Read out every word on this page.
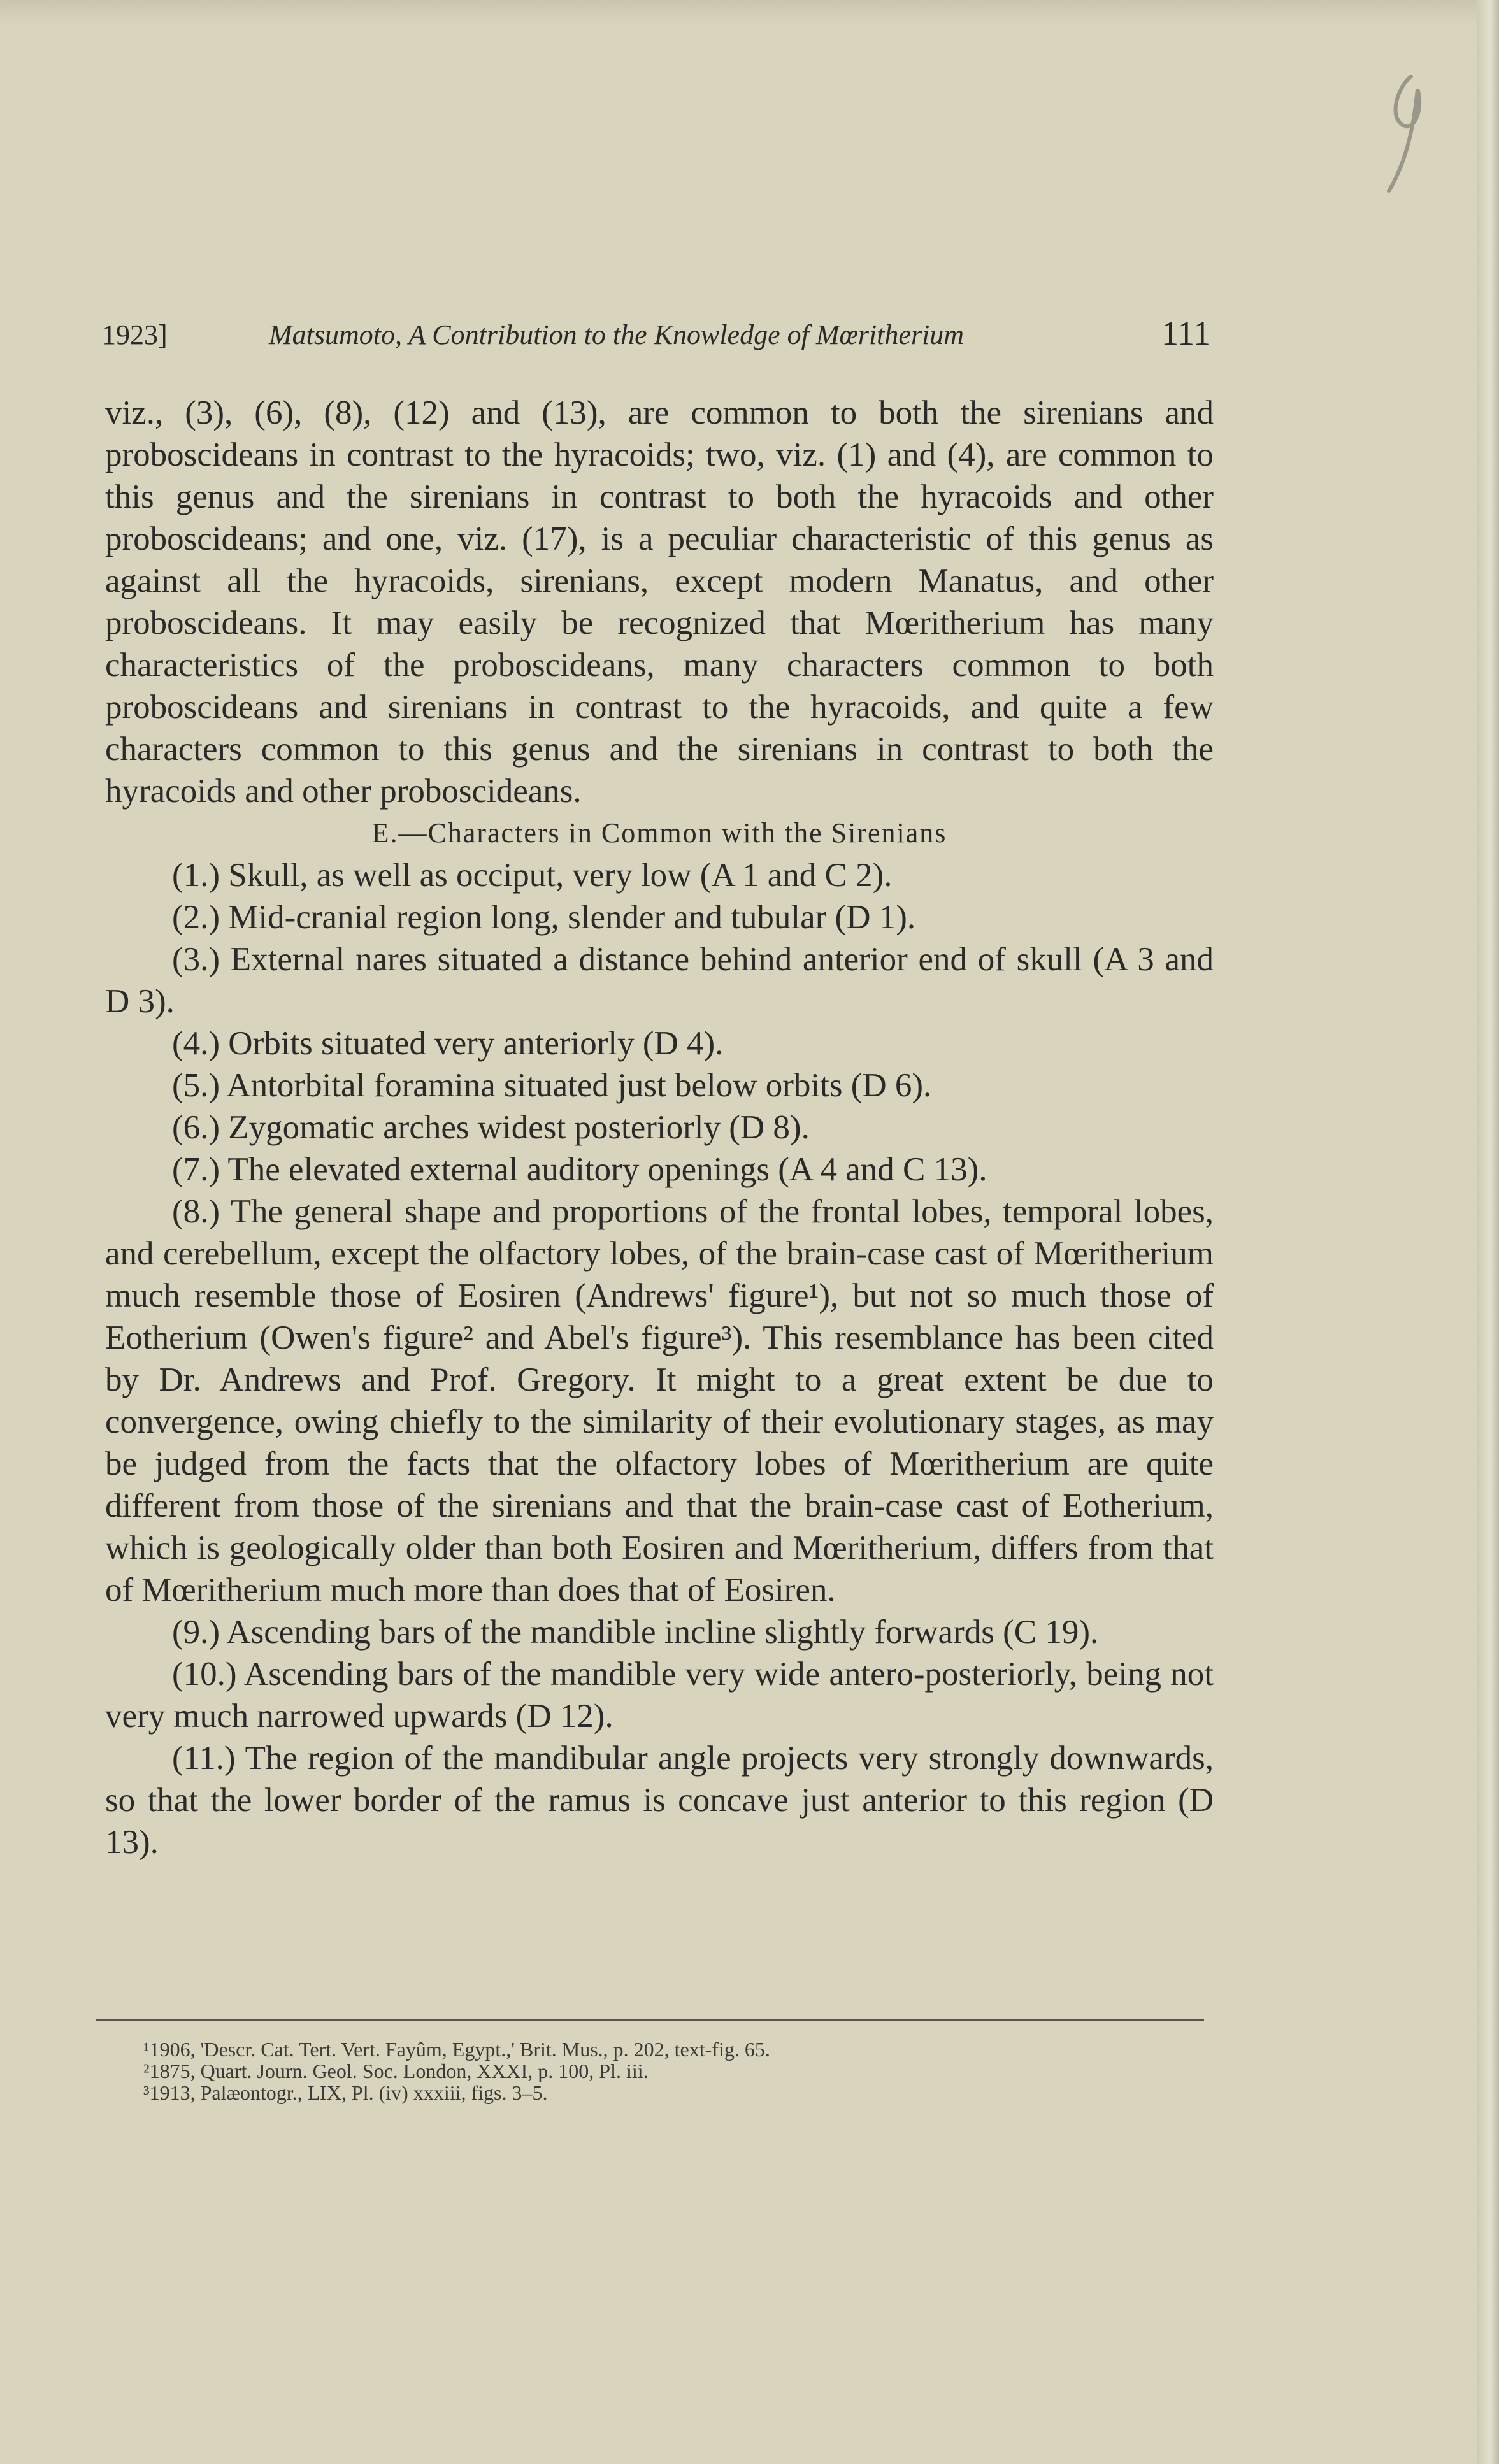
1923]	Matsumoto, A Contribution to the Knowledge of Mœritherium	111

viz., (3), (6), (8), (12) and (13), are common to both the sirenians and proboscideans in contrast to the hyracoids; two, viz. (1) and (4), are common to this genus and the sirenians in contrast to both the hyracoids and other proboscideans; and one, viz. (17), is a peculiar characteristic of this genus as against all the hyracoids, sirenians, except modern Manatus, and other proboscideans. It may easily be recognized that Mœritherium has many characteristics of the proboscideans, many characters common to both proboscideans and sirenians in contrast to the hyracoids, and quite a few characters common to this genus and the sirenians in contrast to both the hyracoids and other proboscideans.

E.—Characters in Common with the Sirenians

(1.) Skull, as well as occiput, very low (A 1 and C 2).

(2.) Mid-cranial region long, slender and tubular (D 1).

(3.) External nares situated a distance behind anterior end of skull (A 3 and D 3).

(4.) Orbits situated very anteriorly (D 4).

(5.) Antorbital foramina situated just below orbits (D 6).

(6.) Zygomatic arches widest posteriorly (D 8).

(7.) The elevated external auditory openings (A 4 and C 13).

(8.) The general shape and proportions of the frontal lobes, temporal lobes, and cerebellum, except the olfactory lobes, of the brain-case cast of Mœritherium much resemble those of Eosiren (Andrews' figure¹), but not so much those of Eotherium (Owen's figure² and Abel's figure³). This resemblance has been cited by Dr. Andrews and Prof. Gregory. It might to a great extent be due to convergence, owing chiefly to the similarity of their evolutionary stages, as may be judged from the facts that the olfactory lobes of Mœritherium are quite different from those of the sirenians and that the brain-case cast of Eotherium, which is geologically older than both Eosiren and Mœritherium, differs from that of Mœritherium much more than does that of Eosiren.

(9.) Ascending bars of the mandible incline slightly forwards (C 19).

(10.) Ascending bars of the mandible very wide antero-posteriorly, being not very much narrowed upwards (D 12).

(11.) The region of the mandibular angle projects very strongly downwards, so that the lower border of the ramus is concave just anterior to this region (D 13).

¹1906, 'Descr. Cat. Tert. Vert. Fayûm, Egypt.,' Brit. Mus., p. 202, text-fig. 65.
²1875, Quart. Journ. Geol. Soc. London, XXXI, p. 100, Pl. iii.
³1913, Palæontogr., LIX, Pl. (iv) xxxiii, figs. 3–5.
